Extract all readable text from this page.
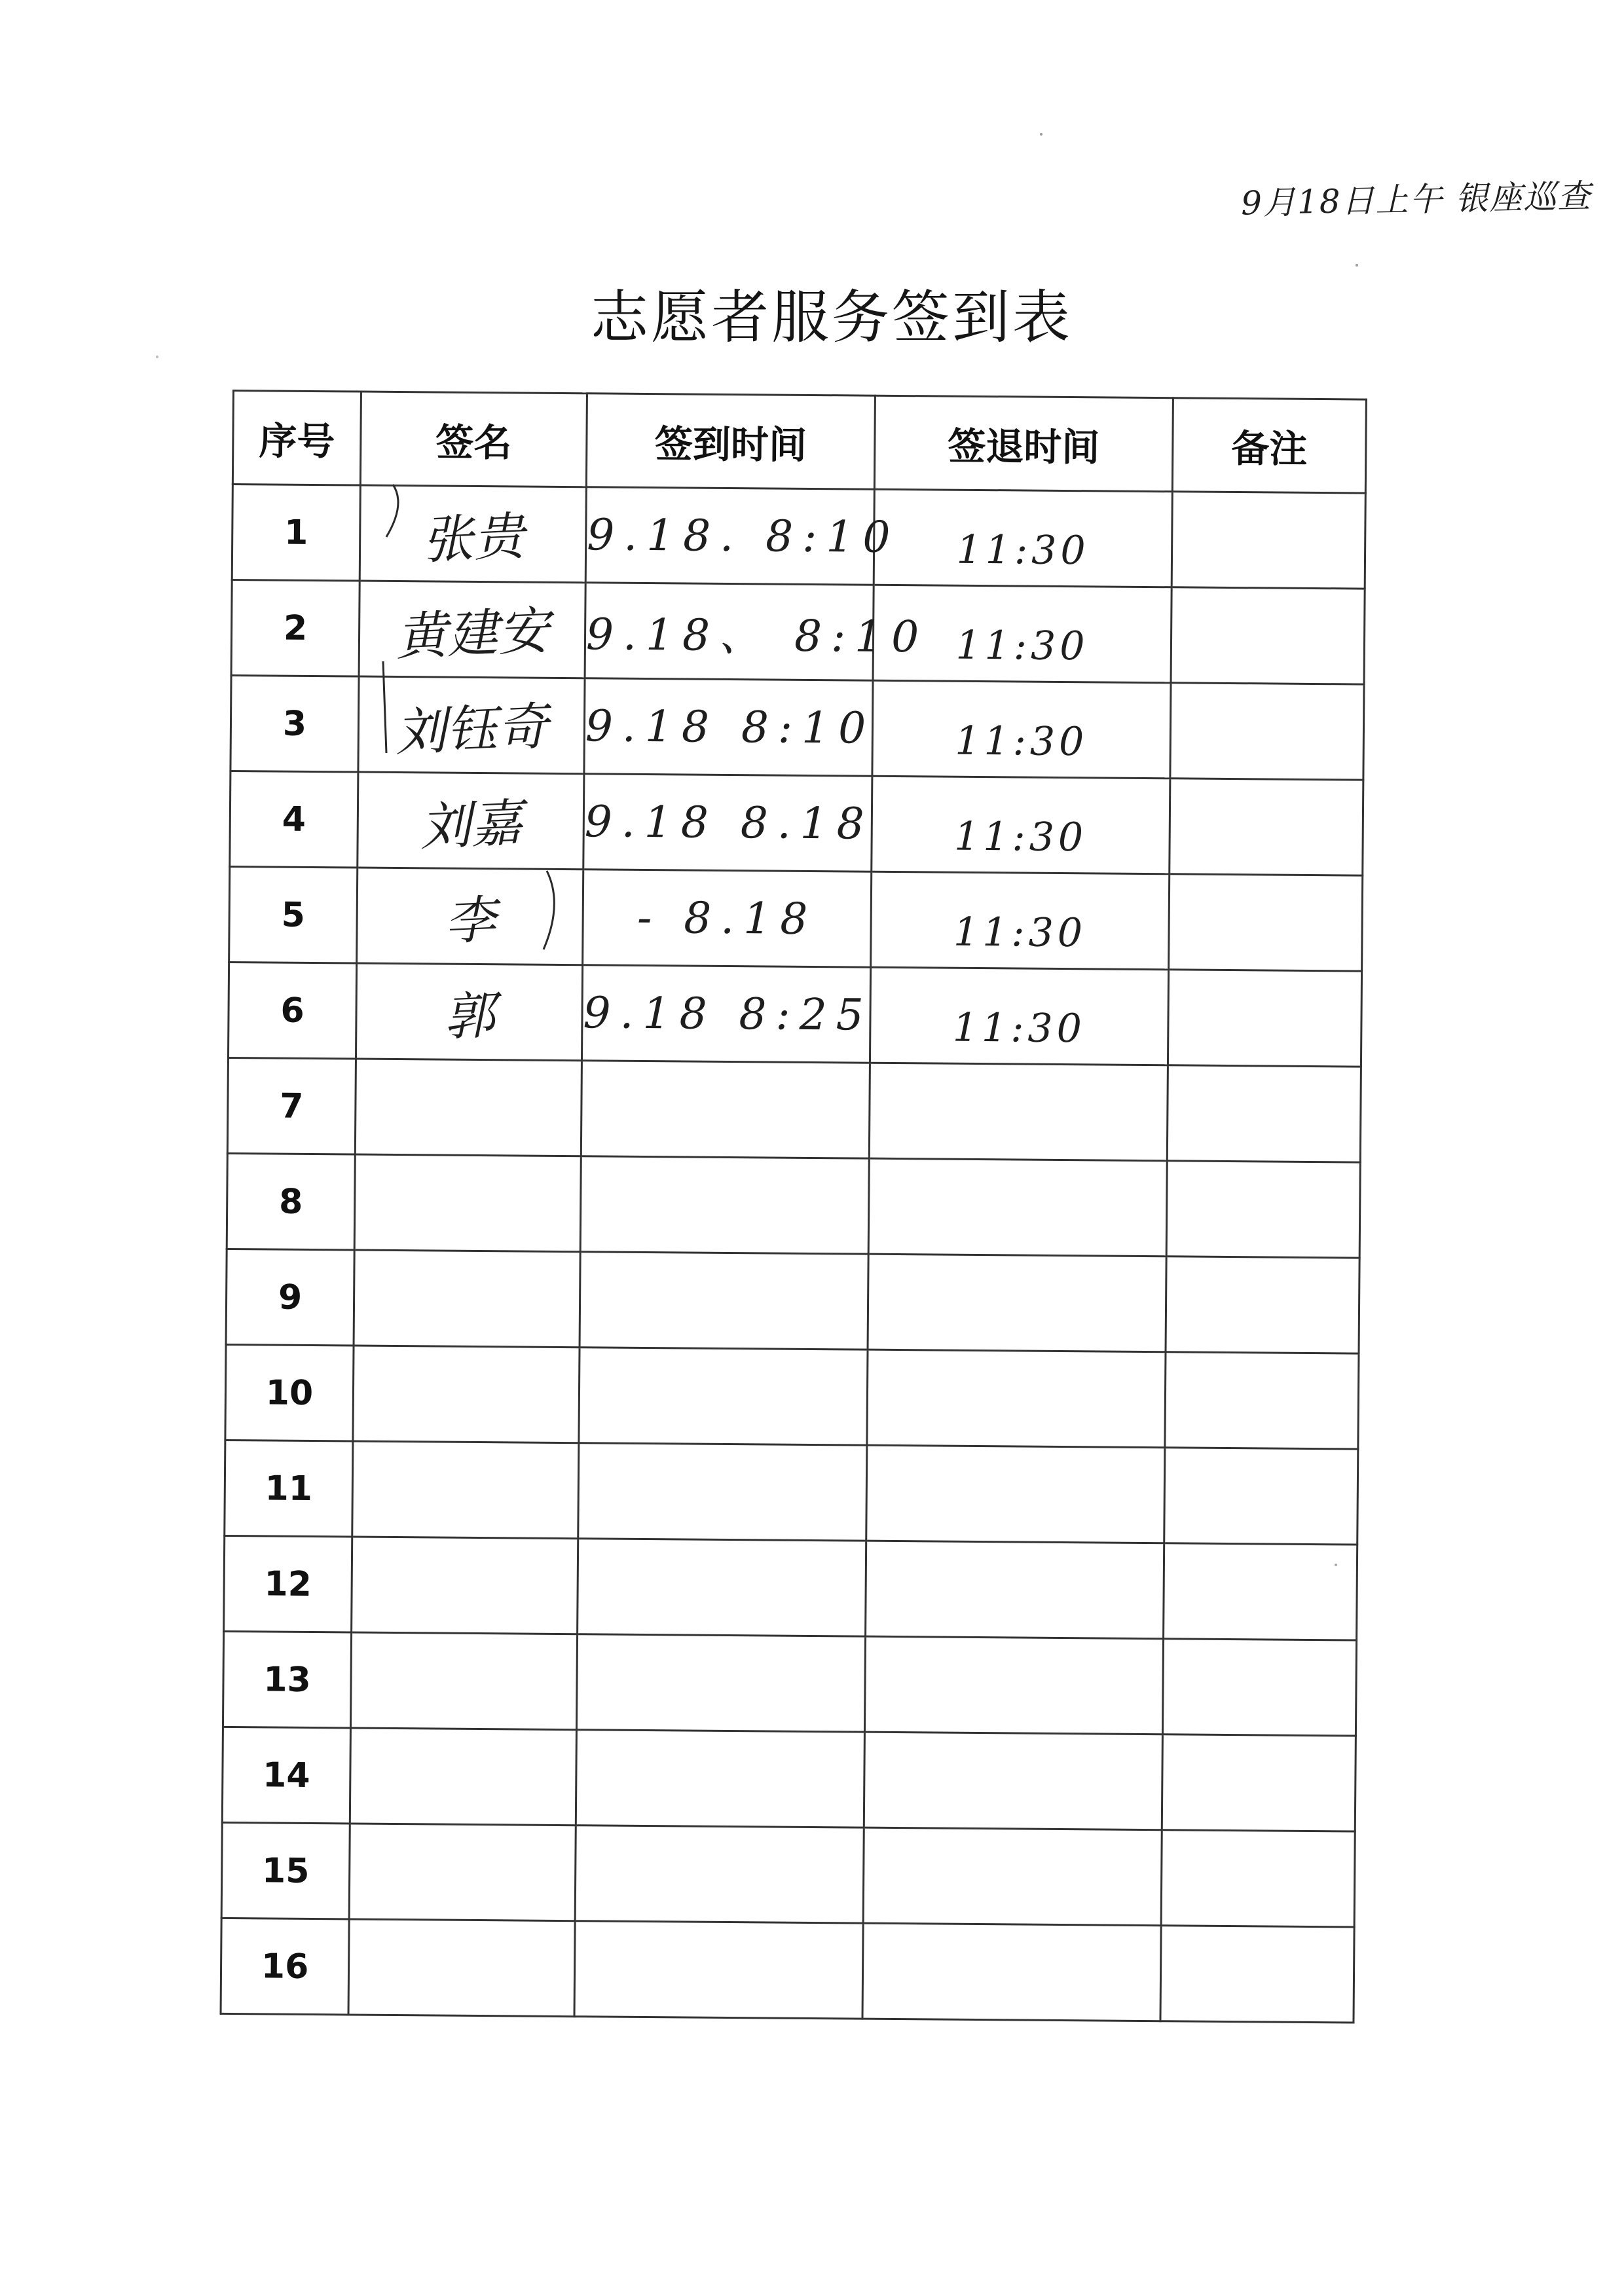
9月18日上午 银座巡查
志愿者服务签到表
序号	签名	签到时间	签退时间	备注
1	张贵	9.18. 8:10	11:30	
2	黄建安	9.18、 8:10	11:30	
3	刘钰奇	9.18 8:10	11:30	
4	刘嘉	9.18 8.18	11:30	
5	李	- 8.18	11:30	
6	郭	9.18 8:25	11:30	
7				
8				
9				
10				
11				
12				
13				
14				
15				
16				
